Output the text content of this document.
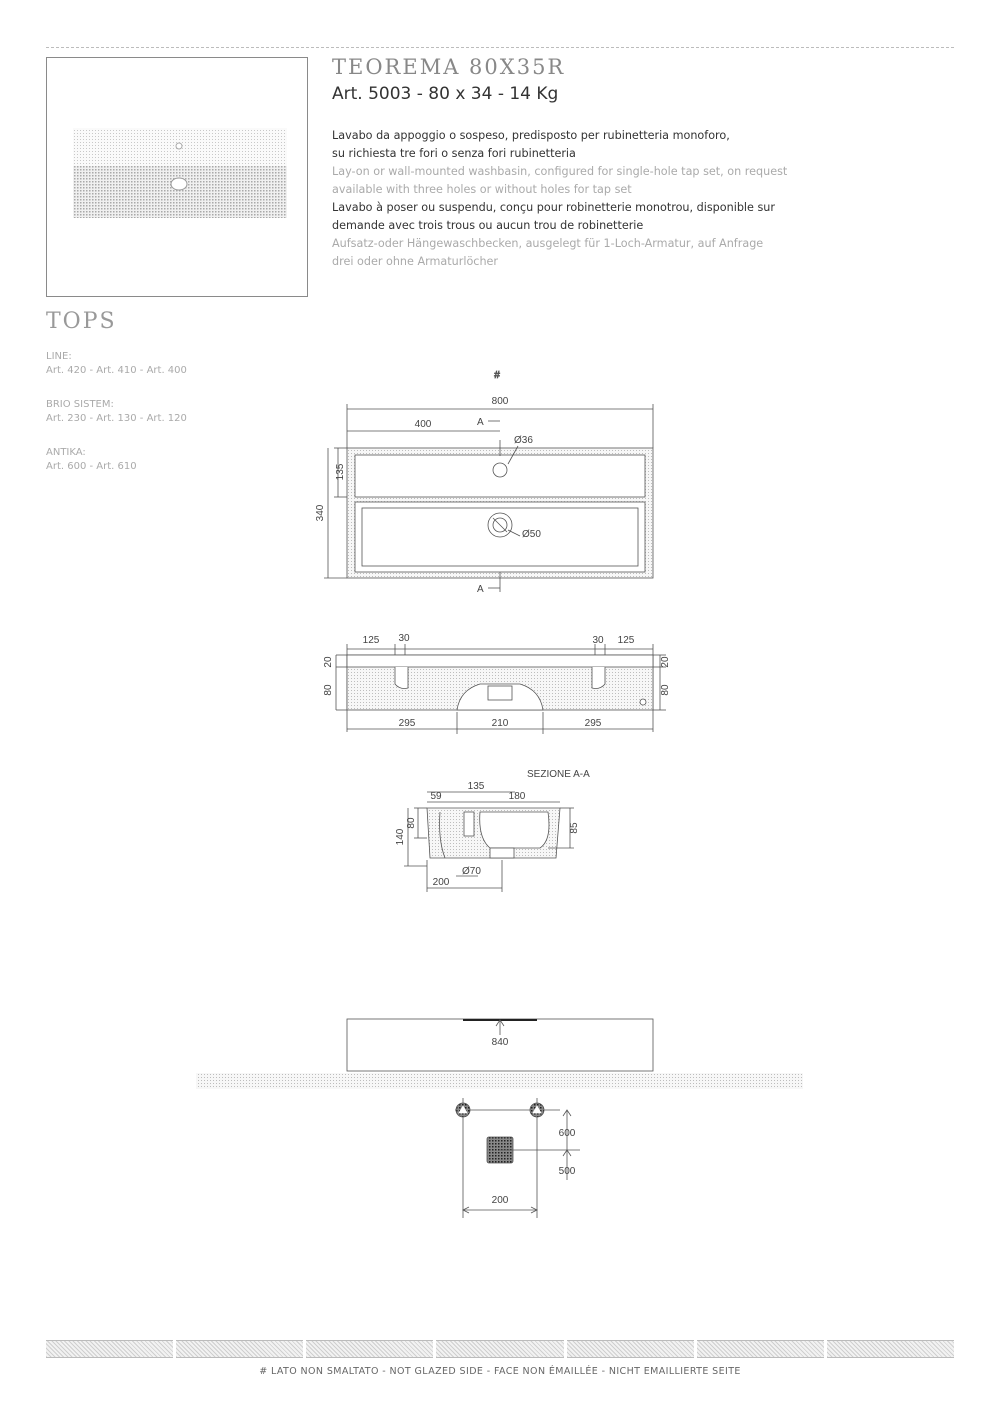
TEOREMA 80X35R
Art. 5003 - 80 x 34 - 14 Kg
Lavabo da appoggio o sospeso, predisposto per rubinetteria monoforo,
su richiesta tre fori o senza fori rubinetteria
Lay-on or wall-mounted washbasin, configured for single-hole tap set, on request
available with three holes or without holes for tap set
Lavabo à poser ou suspendu, conçu pour robinetterie monotrou, disponible sur
demande avec trois trous ou aucun trou de robinetterie
Aufsatz-oder Hängewaschbecken, ausgelegt für 1-Loch-Armatur, auf Anfrage
drei oder ohne Armaturlöcher
TOPS
LINE:
Art. 420 - Art. 410 - Art. 400
BRIO SISTEM:
Art. 230 - Art. 130 - Art. 120
ANTIKA:
Art. 600 - Art. 610
#
800
400	A
Ø36
Ø50
A
135
340
125 30	30 125
20
80
20
80
295	210	295
SEZIONE A-A
135
59	180
80
140
85
Ø70
200
840
600
500
200
# LATO NON SMALTATO - NOT GLAZED SIDE - FACE NON ÉMAILLÉE - NICHT EMAILLIERTE SEITE
